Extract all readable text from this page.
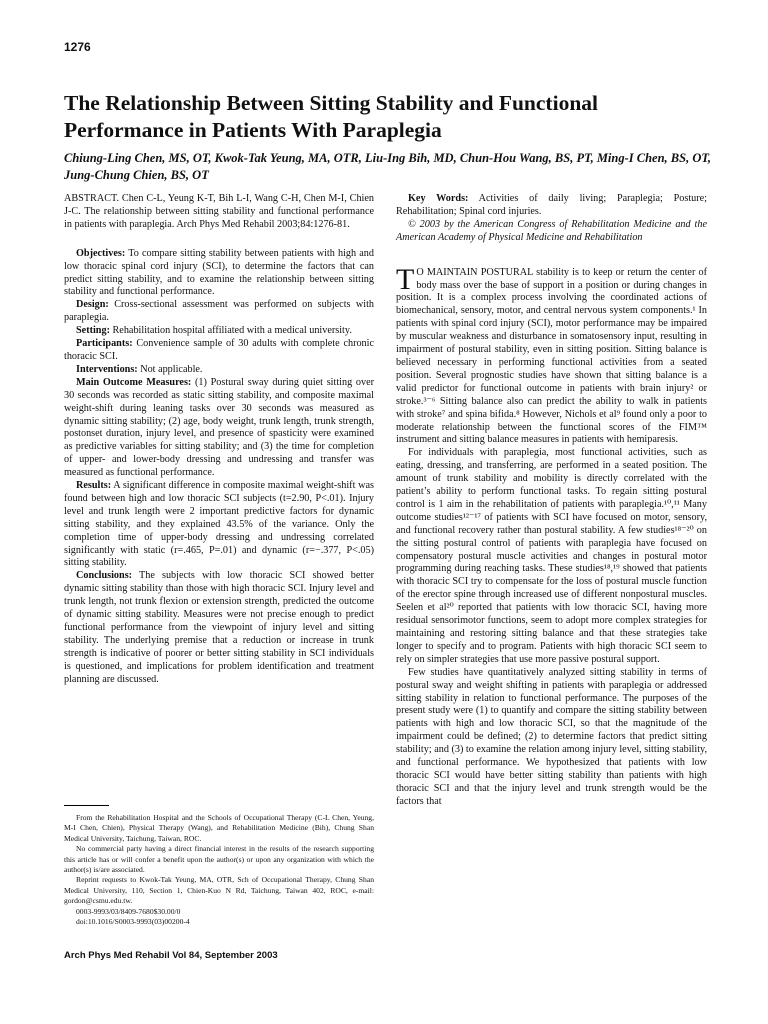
1276
The Relationship Between Sitting Stability and Functional Performance in Patients With Paraplegia

Chiung-Ling Chen, MS, OT, Kwok-Tak Yeung, MA, OTR, Liu-Ing Bih, MD, Chun-Hou Wang, BS, PT, Ming-I Chen, BS, OT, Jung-Chung Chien, BS, OT

ABSTRACT. Chen C-L, Yeung K-T, Bih L-I, Wang C-H, Chen M-I, Chien J-C. The relationship between sitting stability and functional performance in patients with paraplegia. Arch Phys Med Rehabil 2003;84:1276-81.

Objectives: To compare sitting stability between patients with high and low thoracic spinal cord injury (SCI), to determine the factors that can predict sitting stability, and to examine the relationship between sitting stability and functional performance.

Design: Cross-sectional assessment was performed on subjects with paraplegia.

Setting: Rehabilitation hospital affiliated with a medical university.

Participants: Convenience sample of 30 adults with complete chronic thoracic SCI.

Interventions: Not applicable.

Main Outcome Measures: (1) Postural sway during quiet sitting over 30 seconds was recorded as static sitting stability, and composite maximal weight-shift during leaning tasks over 30 seconds was measured as dynamic sitting stability; (2) age, body weight, trunk length, trunk strength, postonset duration, injury level, and presence of spasticity were examined as predictive variables for sitting stability; and (3) the time for completion of upper- and lower-body dressing and undressing and transfer was measured as functional performance.

Results: A significant difference in composite maximal weight-shift was found between high and low thoracic SCI subjects (t=2.90, P<.01). Injury level and trunk length were 2 important predictive factors for dynamic sitting stability, and they explained 43.5% of the variance. Only the completion time of upper-body dressing and undressing correlated significantly with static (r=.465, P=.01) and dynamic (r=−.377, P<.05) sitting stability.

Conclusions: The subjects with low thoracic SCI showed better dynamic sitting stability than those with high thoracic SCI. Injury level and trunk length, not trunk flexion or extension strength, predicted the outcome of dynamic sitting stability. Measures were not precise enough to predict functional performance from the viewpoint of injury level and sitting stability. The underlying premise that a reduction or increase in trunk strength is indicative of poorer or better sitting stability in SCI individuals is questioned, and implications for problem identification and treatment planning are discussed.

From the Rehabilitation Hospital and the Schools of Occupational Therapy (C-L Chen, Yeung, M-I Chen, Chien), Physical Therapy (Wang), and Rehabilitation Medicine (Bih), Chung Shan Medical University, Taichung, Taiwan, ROC.

No commercial party having a direct financial interest in the results of the research supporting this article has or will confer a benefit upon the author(s) or upon any organization with which the author(s) is/are associated.

Reprint requests to Kwok-Tak Yeung, MA, OTR, Sch of Occupational Therapy, Chung Shan Medical University, 110, Section 1, Chien-Kuo N Rd, Taichung, Taiwan 402, ROC, e-mail: gordon@csmu.edu.tw.

0003-9993/03/8409-7680$30.00/0

doi:10.1016/S0003-9993(03)00200-4

Key Words: Activities of daily living; Paraplegia; Posture; Rehabilitation; Spinal cord injuries.

© 2003 by the American Congress of Rehabilitation Medicine and the American Academy of Physical Medicine and Rehabilitation

TO MAINTAIN POSTURAL stability is to keep or return the center of body mass over the base of support in a position or during changes in position. It is a complex process involving the coordinated actions of biomechanical, sensory, motor, and central nervous system components.¹ In patients with spinal cord injury (SCI), motor performance may be impaired by muscular weakness and disturbance in somatosensory input, resulting in impairment of postural stability, even in sitting position. Sitting balance is believed necessary in performing functional activities from a seated position. Several prognostic studies have shown that sitting balance is a valid predictor for functional outcome in patients with brain injury² or stroke.³⁻⁶ Sitting balance also can predict the ability to walk in patients with stroke⁷ and spina bifida.⁸ However, Nichols et al⁹ found only a poor to moderate relationship between the functional scores of the FIM™ instrument and sitting balance measures in patients with hemiparesis.

For individuals with paraplegia, most functional activities, such as eating, dressing, and transferring, are performed in a seated position. The amount of trunk stability and mobility is directly correlated with the patient’s ability to perform functional tasks. To regain sitting postural control is 1 aim in the rehabilitation of patients with paraplegia.¹⁰,¹¹ Many outcome studies¹²⁻¹⁷ of patients with SCI have focused on motor, sensory, and functional recovery rather than postural stability. A few studies¹⁸⁻²⁰ on the sitting postural control of patients with paraplegia have focused on compensatory postural muscle activities and changes in postural motor programming during reaching tasks. These studies¹⁸,¹⁹ showed that patients with thoracic SCI try to compensate for the loss of postural muscle function of the erector spine through increased use of different nonpostural muscles. Seelen et al²⁰ reported that patients with low thoracic SCI, having more residual sensorimotor functions, seem to adopt more complex strategies for maintaining and restoring sitting balance and that these strategies take longer to specify and to program. Patients with high thoracic SCI seem to rely on simpler strategies that use more passive postural support.

Few studies have quantitatively analyzed sitting stability in terms of postural sway and weight shifting in patients with paraplegia or addressed sitting stability in relation to functional performance. The purposes of the present study were (1) to quantify and compare the sitting stability between patients with high and low thoracic SCI, so that the magnitude of the impairment could be defined; (2) to determine factors that predict sitting stability; and (3) to examine the relation among injury level, sitting stability, and functional performance. We hypothesized that patients with low thoracic SCI would have better sitting stability than patients with high thoracic SCI and that the injury level and trunk strength would be the factors that

Arch Phys Med Rehabil Vol 84, September 2003
